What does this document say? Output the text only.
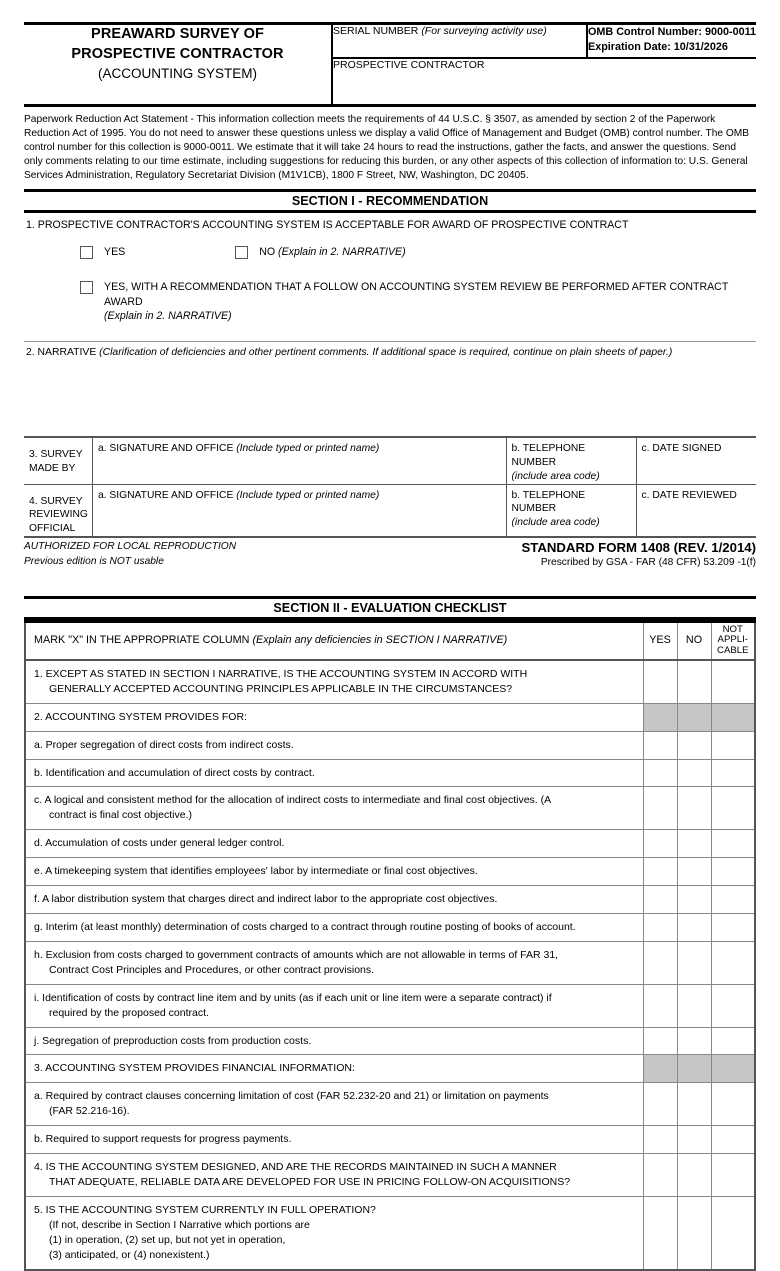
PREAWARD SURVEY OF
PROSPECTIVE CONTRACTOR
(ACCOUNTING SYSTEM)

SERIAL NUMBER (For surveying activity use)	OMB Control Number: 9000-0011
Expiration Date: 10/31/2026

PROSPECTIVE CONTRACTOR
Paperwork Reduction Act Statement - This information collection meets the requirements of 44 U.S.C. § 3507, as amended by section 2 of the Paperwork Reduction Act of 1995. You do not need to answer these questions unless we display a valid Office of Management and Budget (OMB) control number. The OMB control number for this collection is 9000-0011. We estimate that it will take 24 hours to read the instructions, gather the facts, and answer the questions. Send only comments relating to our time estimate, including suggestions for reducing this burden, or any other aspects of this collection of information to: U.S. General Services Administration, Regulatory Secretariat Division (M1V1CB), 1800 F Street, NW, Washington, DC 20405.
SECTION I - RECOMMENDATION
1. PROSPECTIVE CONTRACTOR'S ACCOUNTING SYSTEM IS ACCEPTABLE FOR AWARD OF PROSPECTIVE CONTRACT
YES	NO (Explain in 2. NARRATIVE)
YES, WITH A RECOMMENDATION THAT A FOLLOW ON ACCOUNTING SYSTEM REVIEW BE PERFORMED AFTER CONTRACT AWARD
(Explain in 2. NARRATIVE)
2. NARRATIVE (Clarification of deficiencies and other pertinent comments. If additional space is required, continue on plain sheets of paper.)
3. SURVEY
MADE BY	a. SIGNATURE AND OFFICE (Include typed or printed name)	b. TELEPHONE NUMBER
(include area code)	c. DATE SIGNED
4. SURVEY
REVIEWING
OFFICIAL	a. SIGNATURE AND OFFICE (Include typed or printed name)	b. TELEPHONE NUMBER
(include area code)	c. DATE REVIEWED
AUTHORIZED FOR LOCAL REPRODUCTION
Previous edition is NOT usable
STANDARD FORM 1408 (REV. 1/2014)
Prescribed by GSA - FAR (48 CFR) 53.209 -1(f)
SECTION II - EVALUATION CHECKLIST
MARK "X" IN THE APPROPRIATE COLUMN (Explain any deficiencies in SECTION I NARRATIVE)	YES	NO	NOT
APPLI-
CABLE

1. EXCEPT AS STATED IN SECTION I NARRATIVE, IS THE ACCOUNTING SYSTEM IN ACCORD WITH
GENERALLY ACCEPTED ACCOUNTING PRINCIPLES APPLICABLE IN THE CIRCUMSTANCES?			

2. ACCOUNTING SYSTEM PROVIDES FOR:			

a. Proper segregation of direct costs from indirect costs.			

b. Identification and accumulation of direct costs by contract.			

c. A logical and consistent method for the allocation of indirect costs to intermediate and final cost objectives. (A
contract is final cost objective.)			

d. Accumulation of costs under general ledger control.			

e. A timekeeping system that identifies employees' labor by intermediate or final cost objectives.			

f. A labor distribution system that charges direct and indirect labor to the appropriate cost objectives.			

g. Interim (at least monthly) determination of costs charged to a contract through routine posting of books of account.			

h. Exclusion from costs charged to government contracts of amounts which are not allowable in terms of FAR 31,
Contract Cost Principles and Procedures, or other contract provisions.			

i. Identification of costs by contract line item and by units (as if each unit or line item were a separate contract) if
required by the proposed contract.			

j. Segregation of preproduction costs from production costs.			

3. ACCOUNTING SYSTEM PROVIDES FINANCIAL INFORMATION:			

a. Required by contract clauses concerning limitation of cost (FAR 52.232-20 and 21) or limitation on payments
(FAR 52.216-16).			

b. Required to support requests for progress payments.			

4. IS THE ACCOUNTING SYSTEM DESIGNED, AND ARE THE RECORDS MAINTAINED IN SUCH A MANNER
THAT ADEQUATE, RELIABLE DATA ARE DEVELOPED FOR USE IN PRICING FOLLOW-ON ACQUISITIONS?			

5. IS THE ACCOUNTING SYSTEM CURRENTLY IN FULL OPERATION?
(If not, describe in Section I Narrative which portions are
(1) in operation, (2) set up, but not yet in operation,
(3) anticipated, or (4) nonexistent.)			
